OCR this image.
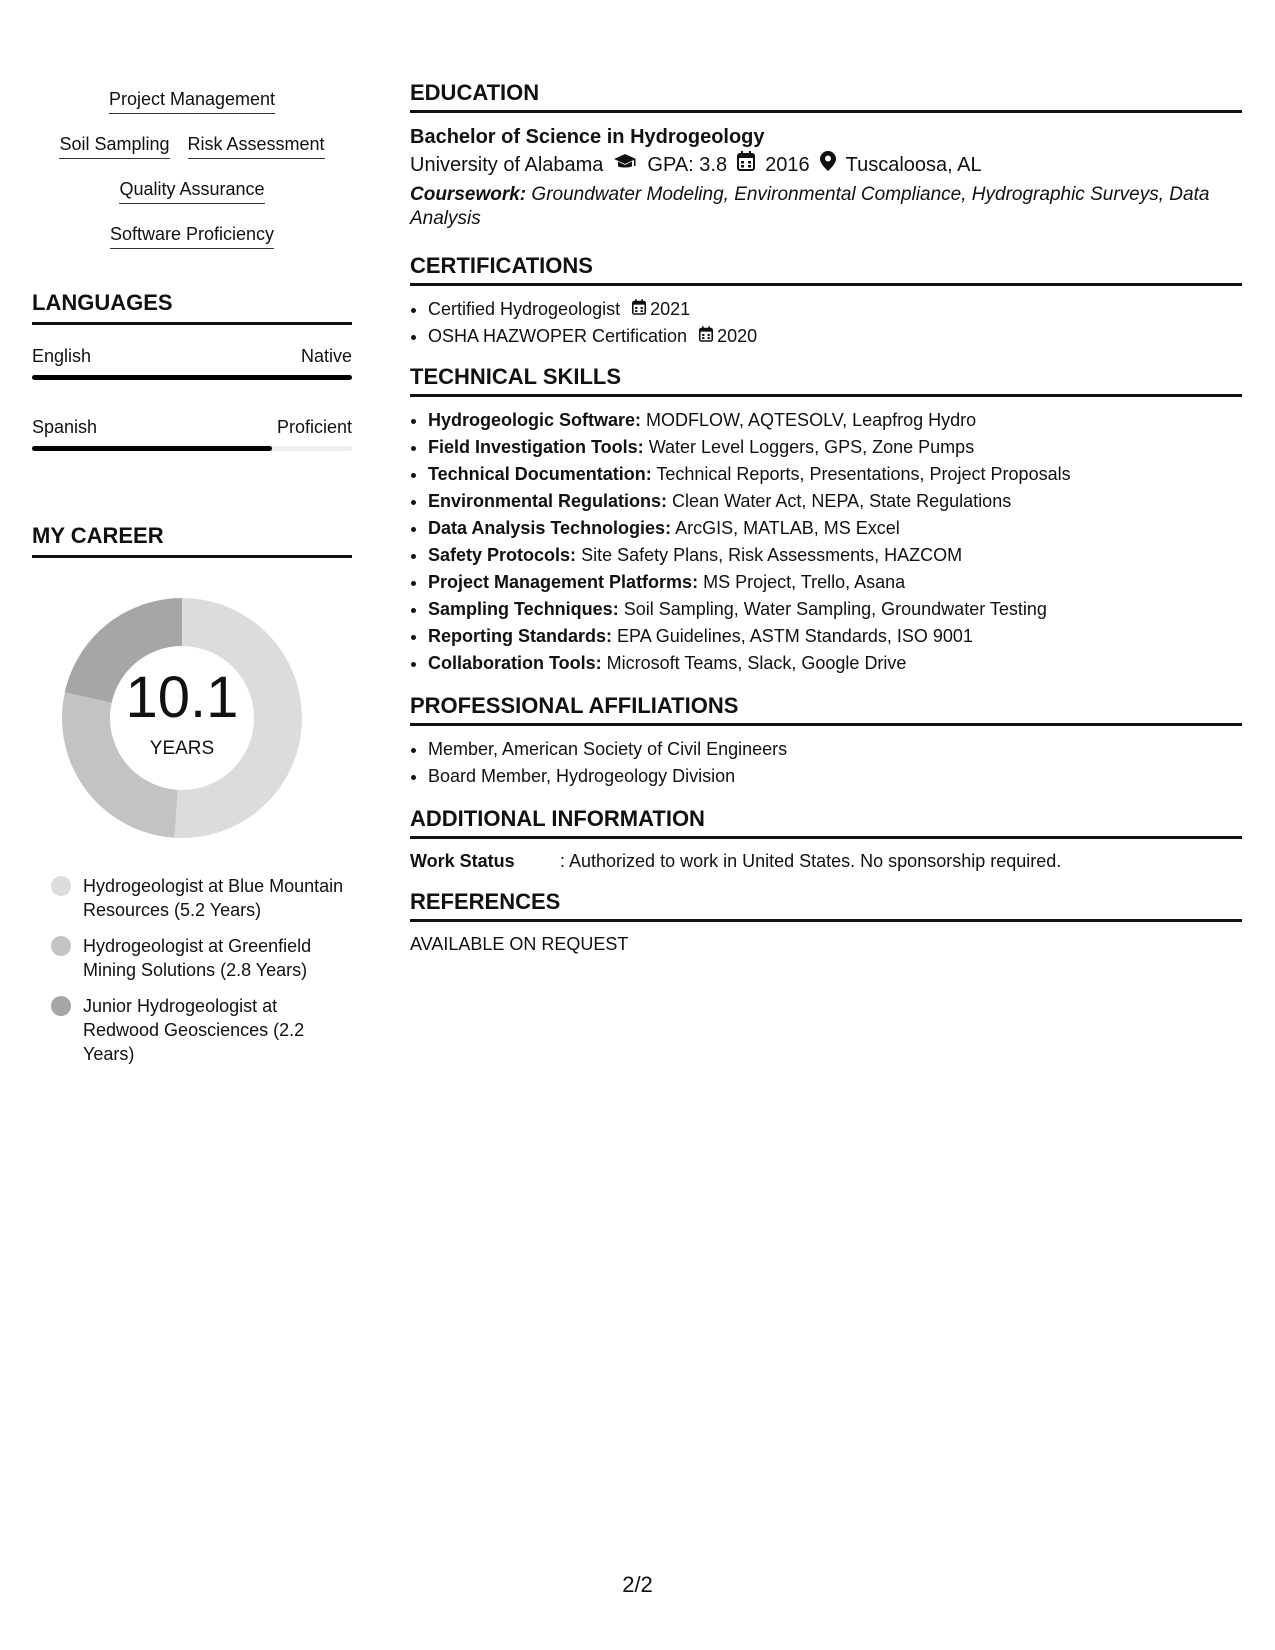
Project Management
Soil Sampling Risk Assessment
Quality Assurance
Software Proficiency
LANGUAGES
English	Native
Spanish	Proficient
MY CAREER
10.1
YEARS
Hydrogeologist at Blue Mountain Resources (5.2 Years)
Hydrogeologist at Greenfield Mining Solutions (2.8 Years)
Junior Hydrogeologist at Redwood Geosciences (2.2 Years)
EDUCATION
Bachelor of Science in Hydrogeology
University of Alabama GPA: 3.8 2016 Tuscaloosa, AL
Coursework: Groundwater Modeling, Environmental Compliance, Hydrographic Surveys, Data Analysis
CERTIFICATIONS
• Certified Hydrogeologist 2021
• OSHA HAZWOPER Certification 2020
TECHNICAL SKILLS
• Hydrogeologic Software: MODFLOW, AQTESOLV, Leapfrog Hydro
• Field Investigation Tools: Water Level Loggers, GPS, Zone Pumps
• Technical Documentation: Technical Reports, Presentations, Project Proposals
• Environmental Regulations: Clean Water Act, NEPA, State Regulations
• Data Analysis Technologies: ArcGIS, MATLAB, MS Excel
• Safety Protocols: Site Safety Plans, Risk Assessments, HAZCOM
• Project Management Platforms: MS Project, Trello, Asana
• Sampling Techniques: Soil Sampling, Water Sampling, Groundwater Testing
• Reporting Standards: EPA Guidelines, ASTM Standards, ISO 9001
• Collaboration Tools: Microsoft Teams, Slack, Google Drive
PROFESSIONAL AFFILIATIONS
• Member, American Society of Civil Engineers
• Board Member, Hydrogeology Division
ADDITIONAL INFORMATION
Work Status	: Authorized to work in United States. No sponsorship required.
REFERENCES
AVAILABLE ON REQUEST
2/2
